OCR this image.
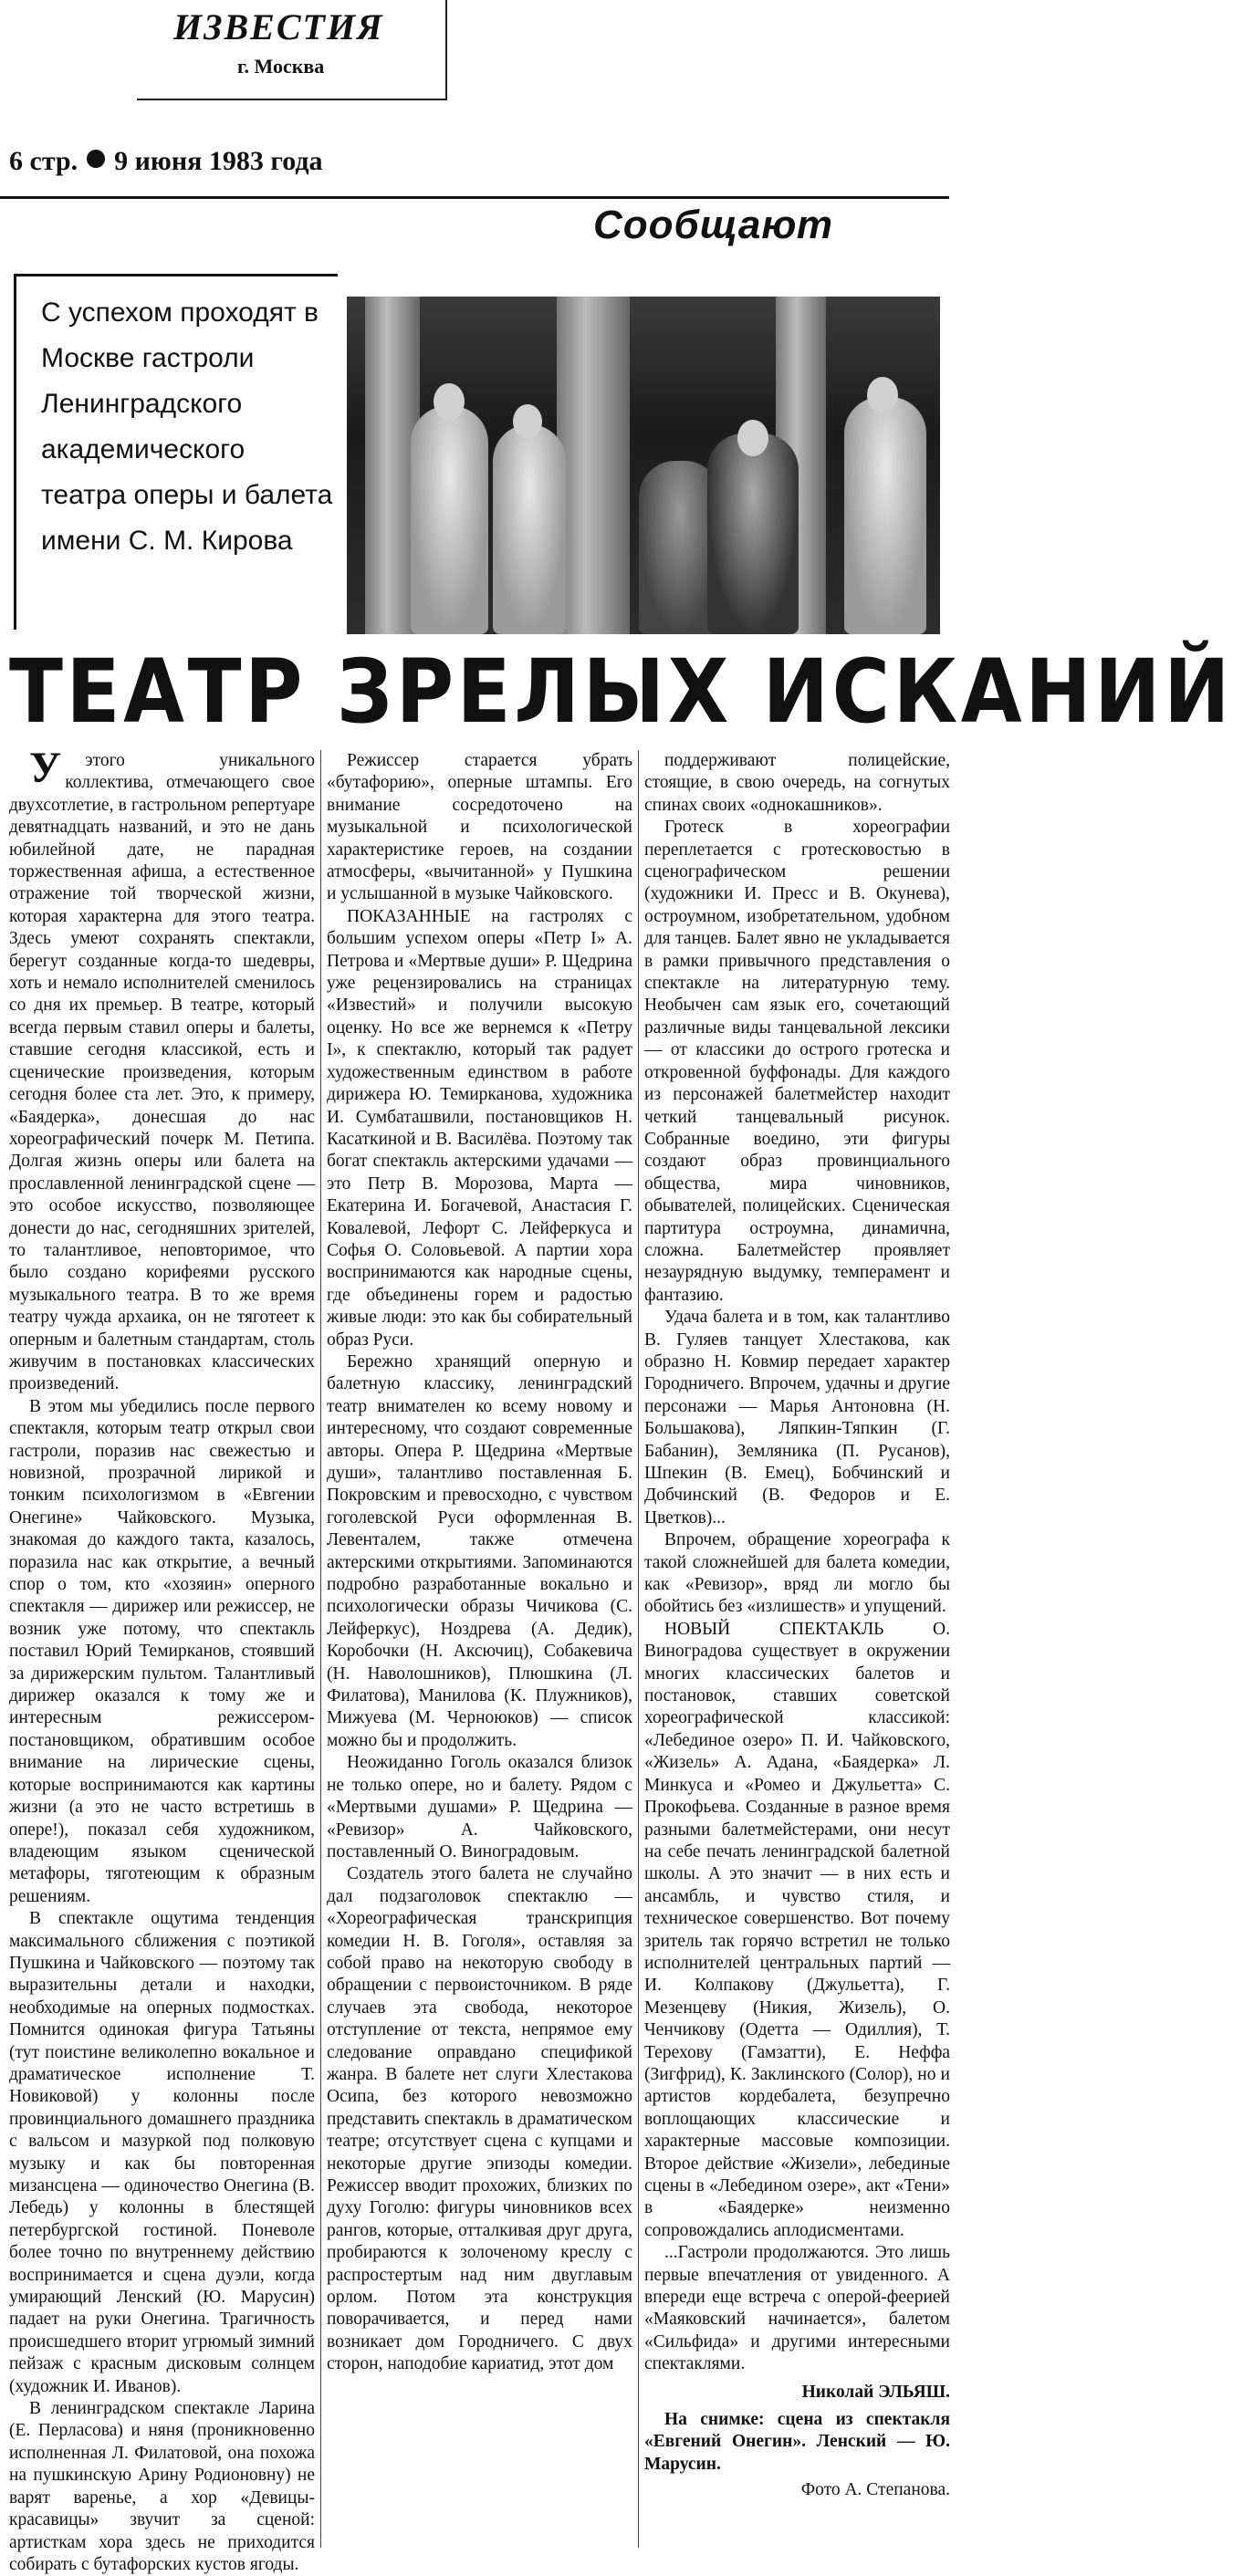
ИЗВЕСТИЯ
г. Москва
6 стр. 9 июня 1983 года
Сообщают
С успехом проходят в Москве гастроли Ленинградского академического театра оперы и балета имени С. М. Кирова
ТЕАТР ЗРЕЛЫХ ИСКАНИЙ

Уэтого уникального коллектива, отмечающего свое двухсотлетие, в гастрольном репертуаре девятнадцать названий, и это не дань юбилейной дате, не парадная торжественная афиша, а естественное отражение той творческой жизни, которая характерна для этого театра. Здесь умеют сохранять спектакли, берегут созданные когда-то шедевры, хоть и немало исполнителей сменилось со дня их премьер. В театре, который всегда первым ставил оперы и балеты, ставшие сегодня классикой, есть и сценические произведения, которым сегодня более ста лет. Это, к примеру, «Баядерка», донесшая до нас хореографический почерк М. Петипа. Долгая жизнь оперы или балета на прославленной ленинградской сцене — это особое искусство, позволяющее донести до нас, сегодняшних зрителей, то талантливое, неповторимое, что было создано корифеями русского музыкального театра. В то же время театру чужда архаика, он не тяготеет к оперным и балетным стандартам, столь живучим в постановках классических произведений.

В этом мы убедились после первого спектакля, которым театр открыл свои гастроли, поразив нас свежестью и новизной, прозрачной лирикой и тонким психологизмом в «Евгении Онегине» Чайковского. Музыка, знакомая до каждого такта, казалось, поразила нас как открытие, а вечный спор о том, кто «хозяин» оперного спектакля — дирижер или режиссер, не возник уже потому, что спектакль поставил Юрий Темирканов, стоявший за дирижерским пультом. Талантливый дирижер оказался к тому же и интересным режиссером-постановщиком, обратившим особое внимание на лирические сцены, которые воспринимаются как картины жизни (а это не часто встретишь в опере!), показал себя художником, владеющим языком сценической метафоры, тяготеющим к образным решениям.

В спектакле ощутима тенденция максимального сближения с поэтикой Пушкина и Чайковского — поэтому так выразительны детали и находки, необходимые на оперных подмостках. Помнится одинокая фигура Татьяны (тут поистине великолепно вокальное и драматическое исполнение Т. Новиковой) у колонны после провинциального домашнего праздника с вальсом и мазуркой под полковую музыку и как бы повторенная мизансцена — одиночество Онегина (В. Лебедь) у колонны в блестящей петербургской гостиной. Поневоле более точно по внутреннему действию воспринимается и сцена дуэли, когда умирающий Ленский (Ю. Марусин) падает на руки Онегина. Трагичность происшедшего вторит угрюмый зимний пейзаж с красным дисковым солнцем (художник И. Иванов).

В ленинградском спектакле Ларина (Е. Перласова) и няня (проникновенно исполненная Л. Филатовой, она похожа на пушкинскую Арину Родионовну) не варят варенье, а хор «Девицы-красавицы» звучит за сценой: артисткам хора здесь не приходится собирать с бутафорских кустов ягоды.

Режиссер старается убрать «бутафорию», оперные штампы. Его внимание сосредоточено на музыкальной и психологической характеристике героев, на создании атмосферы, «вычитанной» у Пушкина и услышанной в музыке Чайковского.

ПОКАЗАННЫЕ на гастролях с большим успехом оперы «Петр I» А. Петрова и «Мертвые души» Р. Щедрина уже рецензировались на страницах «Известий» и получили высокую оценку. Но все же вернемся к «Петру I», к спектаклю, который так радует художественным единством в работе дирижера Ю. Темирканова, художника И. Сумбаташвили, постановщиков Н. Касаткиной и В. Василёва. Поэтому так богат спектакль актерскими удачами — это Петр В. Морозова, Марта — Екатерина И. Богачевой, Анастасия Г. Ковалевой, Лефорт С. Лейферкуса и Софья О. Соловьевой. А партии хора воспринимаются как народные сцены, где объединены горем и радостью живые люди: это как бы собирательный образ Руси.

Бережно хранящий оперную и балетную классику, ленинградский театр внимателен ко всему новому и интересному, что создают современные авторы. Опера Р. Щедрина «Мертвые души», талантливо поставленная Б. Покровским и превосходно, с чувством гоголевской Руси оформленная В. Левенталем, также отмечена актерскими открытиями. Запоминаются подробно разработанные вокально и психологически образы Чичикова (С. Лейферкус), Ноздрева (А. Дедик), Коробочки (Н. Аксючиц), Собакевича (Н. Наволошников), Плюшкина (Л. Филатова), Манилова (К. Плужников), Мижуева (М. Черноюков) — список можно бы и продолжить.

Неожиданно Гоголь оказался близок не только опере, но и балету. Рядом с «Мертвыми душами» Р. Щедрина — «Ревизор» А. Чайковского, поставленный О. Виноградовым.

Создатель этого балета не случайно дал подзаголовок спектаклю — «Хореографическая транскрипция комедии Н. В. Гоголя», оставляя за собой право на некоторую свободу в обращении с первоисточником. В ряде случаев эта свобода, некоторое отступление от текста, непрямое ему следование оправдано спецификой жанра. В балете нет слуги Хлестакова Осипа, без которого невозможно представить спектакль в драматическом театре; отсутствует сцена с купцами и некоторые другие эпизоды комедии. Режиссер вводит прохожих, близких по духу Гоголю: фигуры чиновников всех рангов, которые, отталкивая друг друга, пробираются к золоченому креслу с распростертым над ним двуглавым орлом. Потом эта конструкция поворачивается, и перед нами возникает дом Городничего. С двух сторон, наподобие кариатид, этот дом

поддерживают полицейские, стоящие, в свою очередь, на согнутых спинах своих «однокашников».

Гротеск в хореографии переплетается с гротесковостью в сценографическом решении (художники И. Пресс и В. Окунева), остроумном, изобретательном, удобном для танцев. Балет явно не укладывается в рамки привычного представления о спектакле на литературную тему. Необычен сам язык его, сочетающий различные виды танцевальной лексики — от классики до острого гротеска и откровенной буффонады. Для каждого из персонажей балетмейстер находит четкий танцевальный рисунок. Собранные воедино, эти фигуры создают образ провинциального общества, мира чиновников, обывателей, полицейских. Сценическая партитура остроумна, динамична, сложна. Балетмейстер проявляет незаурядную выдумку, темперамент и фантазию.

Удача балета и в том, как талантливо В. Гуляев танцует Хлестакова, как образно Н. Ковмир передает характер Городничего. Впрочем, удачны и другие персонажи — Марья Антоновна (Н. Большакова), Ляпкин-Тяпкин (Г. Бабанин), Земляника (П. Русанов), Шпекин (В. Емец), Бобчинский и Добчинский (В. Федоров и Е. Цветков)...

Впрочем, обращение хореографа к такой сложнейшей для балета комедии, как «Ревизор», вряд ли могло бы обойтись без «излишеств» и упущений.

НОВЫЙ СПЕКТАКЛЬ О. Виноградова существует в окружении многих классических балетов и постановок, ставших советской хореографической классикой: «Лебединое озеро» П. И. Чайковского, «Жизель» А. Адана, «Баядерка» Л. Минкуса и «Ромео и Джульетта» С. Прокофьева. Созданные в разное время разными балетмейстерами, они несут на себе печать ленинградской балетной школы. А это значит — в них есть и ансамбль, и чувство стиля, и техническое совершенство. Вот почему зритель так горячо встретил не только исполнителей центральных партий — И. Колпакову (Джульетта), Г. Мезенцеву (Никия, Жизель), О. Ченчикову (Одетта — Одиллия), Т. Терехову (Гамзатти), Е. Неффа (Зигфрид), К. Заклинского (Солор), но и артистов кордебалета, безупречно воплощающих классические и характерные массовые композиции. Второе действие «Жизели», лебединые сцены в «Лебедином озере», акт «Тени» в «Баядерке» неизменно сопровождались аплодисментами.

...Гастроли продолжаются. Это лишь первые впечатления от увиденного. А впереди еще встреча с оперой-феерией «Маяковский начинается», балетом «Сильфида» и другими интересными спектаклями.

Николай ЭЛЬЯШ.

На снимке: сцена из спектакля «Евгений Онегин». Ленский — Ю. Марусин.

Фото А. Степанова.
